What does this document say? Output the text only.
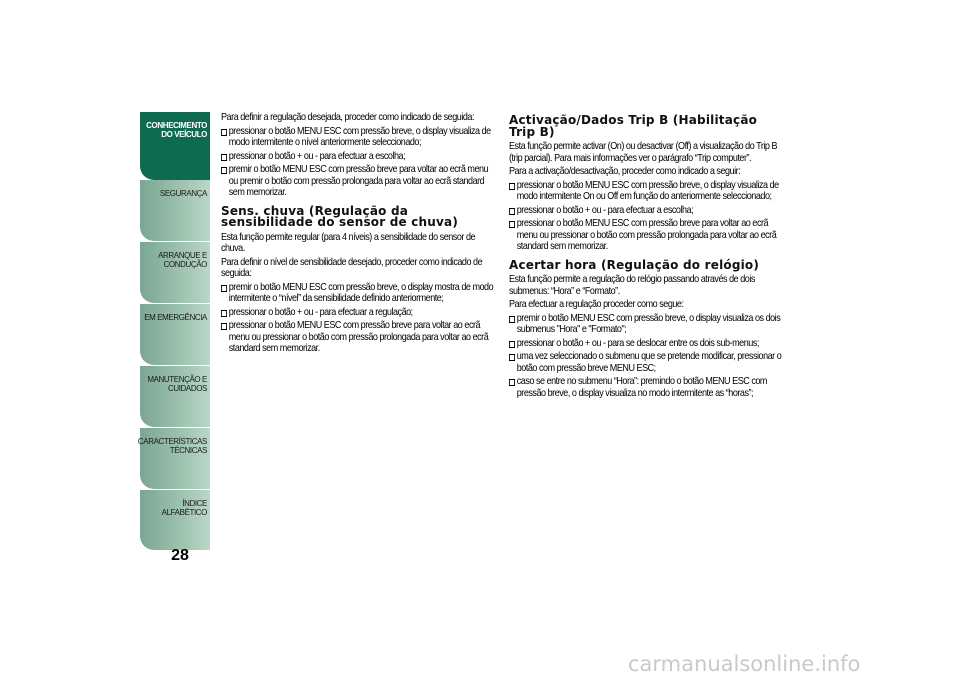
CONHECIMENTO
DO VEÍCULO
SEGURANÇA
ARRANQUE E
CONDUÇÃO
EM EMERGÊNCIA
MANUTENÇÃO E
CUIDADOS
CARACTERÍSTICAS
TÉCNICAS
ÍNDICE ALFABÉTICO
28

Para definir a regulação desejada, proceder como indicado de seguida:

pressionar o botão MENU ESC com pressão breve, o display visualiza de modo intermitente o nível anteriormente seleccionado;
pressionar o botão + ou - para efectuar a escolha;
premir o botão MENU ESC com pressão breve para voltar ao ecrã menu ou premir o botão com pressão prolongada para voltar ao ecrã standard sem memorizar.
Sens. chuva (Regulação da sensibilidade do sensor de chuva)

Esta função permite regular (para 4 níveis) a sensibilidade do sensor de chuva.

Para definir o nível de sensibilidade desejado, proceder como indicado de seguida:

premir o botão MENU ESC com pressão breve, o display mostra de modo intermitente o “nível” da sensibilidade definido anteriormente;
pressionar o botão + ou - para efectuar a regulação;
pressionar o botão MENU ESC com pressão breve para voltar ao ecrã menu ou pressionar o botão com pressão prolongada para voltar ao ecrã standard sem memorizar.
Activação/Dados Trip B (Habilitação Trip B)

Esta função permite activar (On) ou desactivar (Off) a visualização do Trip B (trip parcial). Para mais informações ver o parágrafo “Trip computer”.

Para a activação/desactivação, proceder como indicado a seguir:

pressionar o botão MENU ESC com pressão breve, o display visualiza de modo intermitente On ou Off em função do anteriormente seleccionado;
pressionar o botão + ou - para efectuar a escolha;
pressionar o botão MENU ESC com pressão breve para voltar ao ecrã menu ou pressionar o botão com pressão prolongada para voltar ao ecrã standard sem memorizar.
Acertar hora (Regulação do relógio)

Esta função permite a regulação do relógio passando através de dois submenus: “Hora” e “Formato”.

Para efectuar a regulação proceder como segue:

premir o botão MENU ESC com pressão breve, o display visualiza os dois submenus "Hora" e "Formato";
pressionar o botão + ou - para se deslocar entre os dois sub-menus;
uma vez seleccionado o submenu que se pretende modificar, pressionar o botão com pressão breve MENU ESC;
caso se entre no submenu “Hora”: premindo o botão MENU ESC com pressão breve, o display visualiza no modo intermitente as “horas”;
carmanualsonline.info
